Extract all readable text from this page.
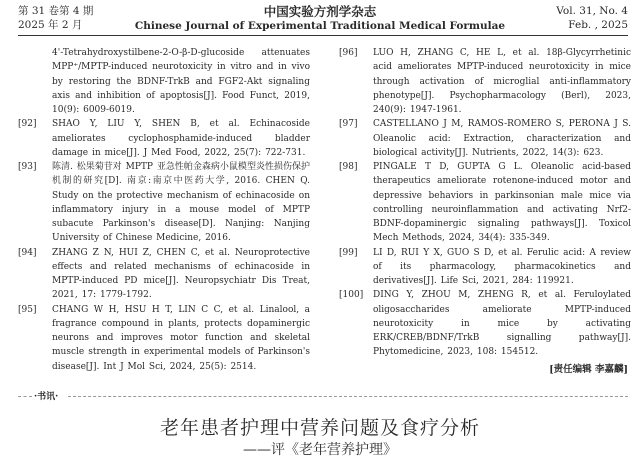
第 31 卷第 4 期
2025 年 2 月
中国实验方剂学杂志
Chinese Journal of Experimental Traditional Medical Formulae
Vol. 31, No. 4
Feb. , 2025
4'-Tetrahydroxystilbene-2-O-β-D-glucoside attenuates MPP⁺/MPTP-induced neurotoxicity in vitro and in vivo by restoring the BDNF-TrkB and FGF2-Akt signaling axis and inhibition of apoptosis[J]. Food Funct, 2019, 10(9): 6009-6019.
[92] SHAO Y, LIU Y, SHEN B, et al. Echinacoside ameliorates cyclophosphamide-induced bladder damage in mice[J]. J Med Food, 2022, 25(7): 722-731.
[93] 陈清. 松果菊苷对 MPTP 亚急性帕金森病小鼠模型炎性损伤保护机制的研究[D]. 南京:南京中医药大学, 2016. CHEN Q. Study on the protective mechanism of echinacoside on inflammatory injury in a mouse model of MPTP subacute Parkinson's disease[D]. Nanjing: Nanjing University of Chinese Medicine, 2016.
[94] ZHANG Z N, HUI Z, CHEN C, et al. Neuroprotective effects and related mechanisms of echinacoside in MPTP-induced PD mice[J]. Neuropsychiatr Dis Treat, 2021, 17: 1779-1792.
[95] CHANG W H, HSU H T, LIN C C, et al. Linalool, a fragrance compound in plants, protects dopaminergic neurons and improves motor function and skeletal muscle strength in experimental models of Parkinson's disease[J]. Int J Mol Sci, 2024, 25(5): 2514.
[96] LUO H, ZHANG C, HE L, et al. 18β-Glycyrrhetinic acid ameliorates MPTP-induced neurotoxicity in mice through activation of microglial anti-inflammatory phenotype[J]. Psychopharmacology (Berl), 2023, 240(9): 1947-1961.
[97] CASTELLANO J M, RAMOS-ROMERO S, PERONA J S. Oleanolic acid: Extraction, characterization and biological activity[J]. Nutrients, 2022, 14(3): 623.
[98] PINGALE T D, GUPTA G L. Oleanolic acid-based therapeutics ameliorate rotenone-induced motor and depressive behaviors in parkinsonian male mice via controlling neuroinflammation and activating Nrf2-BDNF-dopaminergic signaling pathways[J]. Toxicol Mech Methods, 2024, 34(4): 335-349.
[99] LI D, RUI Y X, GUO S D, et al. Ferulic acid: A review of its pharmacology, pharmacokinetics and derivatives[J]. Life Sci, 2021, 284: 119921.
[100] DING Y, ZHOU M, ZHENG R, et al. Feruloylated oligosaccharides ameliorate MPTP-induced neurotoxicity in mice by activating ERK/CREB/BDNF/TrkB signalling pathway[J]. Phytomedicine, 2023, 108: 154512.
[责任编辑 李嘉麟]
·书讯·
老年患者护理中营养问题及食疗分析
——评《老年营养护理》
